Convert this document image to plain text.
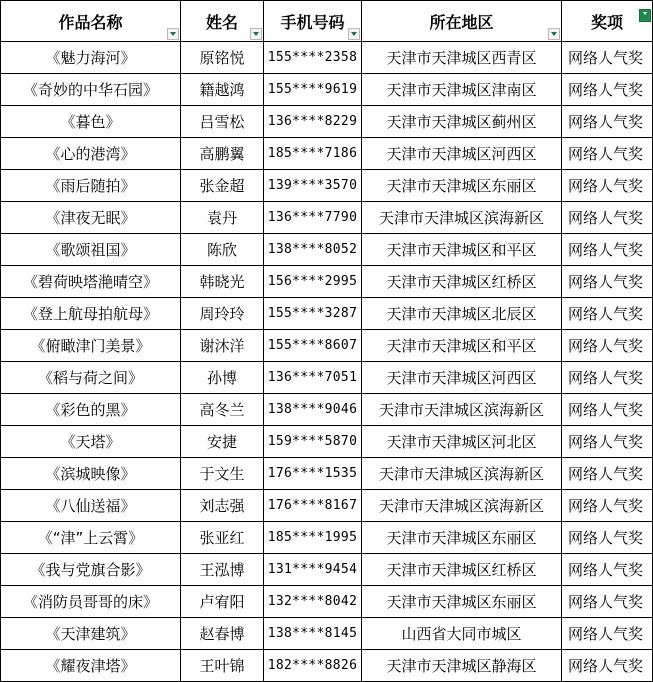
作品名称	姓名	手机号码	所在地区	奖项

《魅力海河》	原铭悦	155****2358	天津市天津城区西青区	网络人气奖
《奇妙的中华石园》	籍越鸿	155****9619	天津市天津城区津南区	网络人气奖
《暮色》	吕雪松	136****8229	天津市天津城区蓟州区	网络人气奖
《心的港湾》	高鹏翼	185****7186	天津市天津城区河西区	网络人气奖
《雨后随拍》	张金超	139****3570	天津市天津城区东丽区	网络人气奖
《津夜无眠》	袁丹	136****7790	天津市天津城区滨海新区	网络人气奖
《歌颂祖国》	陈欣	138****8052	天津市天津城区和平区	网络人气奖
《碧荷映塔滟晴空》	韩晓光	156****2995	天津市天津城区红桥区	网络人气奖
《登上航母拍航母》	周玲玲	155****3287	天津市天津城区北辰区	网络人气奖
《俯瞰津门美景》	谢沐洋	155****8607	天津市天津城区和平区	网络人气奖
《稻与荷之间》	孙博	136****7051	天津市天津城区河西区	网络人气奖
《彩色的黑》	高冬兰	138****9046	天津市天津城区滨海新区	网络人气奖
《天塔》	安捷	159****5870	天津市天津城区河北区	网络人气奖
《滨城映像》	于文生	176****1535	天津市天津城区滨海新区	网络人气奖
《八仙送福》	刘志强	176****8167	天津市天津城区滨海新区	网络人气奖
《“津”上云霄》	张亚红	185****1995	天津市天津城区东丽区	网络人气奖
《我与党旗合影》	王泓博	131****9454	天津市天津城区红桥区	网络人气奖
《消防员哥哥的床》	卢宥阳	132****8042	天津市天津城区东丽区	网络人气奖
《天津建筑》	赵春博	138****8145	山西省大同市城区	网络人气奖
《耀夜津塔》	王叶锦	182****8826	天津市天津城区静海区	网络人气奖
